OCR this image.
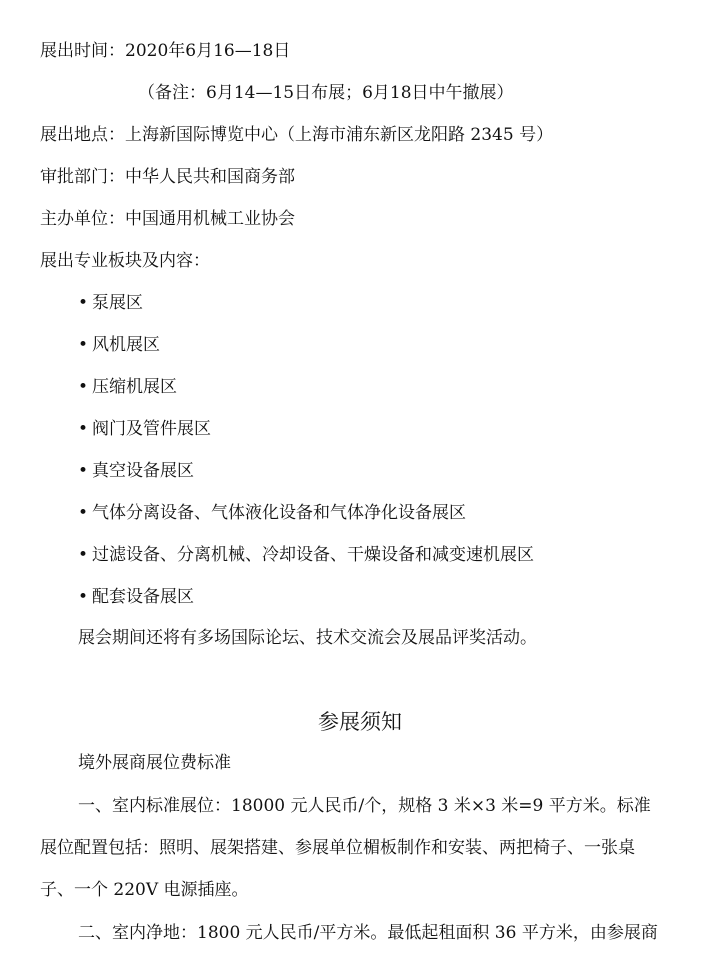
展出时间：2020年6月16—18日
（备注：6月14—15日布展；6月18日中午撤展）
展出地点：上海新国际博览中心（上海市浦东新区龙阳路 2345 号）
审批部门：中华人民共和国商务部
主办单位：中国通用机械工业协会
展出专业板块及内容：
• 泵展区
• 风机展区
• 压缩机展区
• 阀门及管件展区
• 真空设备展区
• 气体分离设备、气体液化设备和气体净化设备展区
• 过滤设备、分离机械、冷却设备、干燥设备和减变速机展区
• 配套设备展区
展会期间还将有多场国际论坛、技术交流会及展品评奖活动。
参展须知
境外展商展位费标准
一、室内标准展位：18000 元人民币/个，规格 3 米×3 米=9 平方米。标准
展位配置包括：照明、展架搭建、参展单位楣板制作和安装、两把椅子、一张桌
子、一个 220V 电源插座。
二、室内净地：1800 元人民币/平方米。最低起租面积 36 平方米，由参展商
